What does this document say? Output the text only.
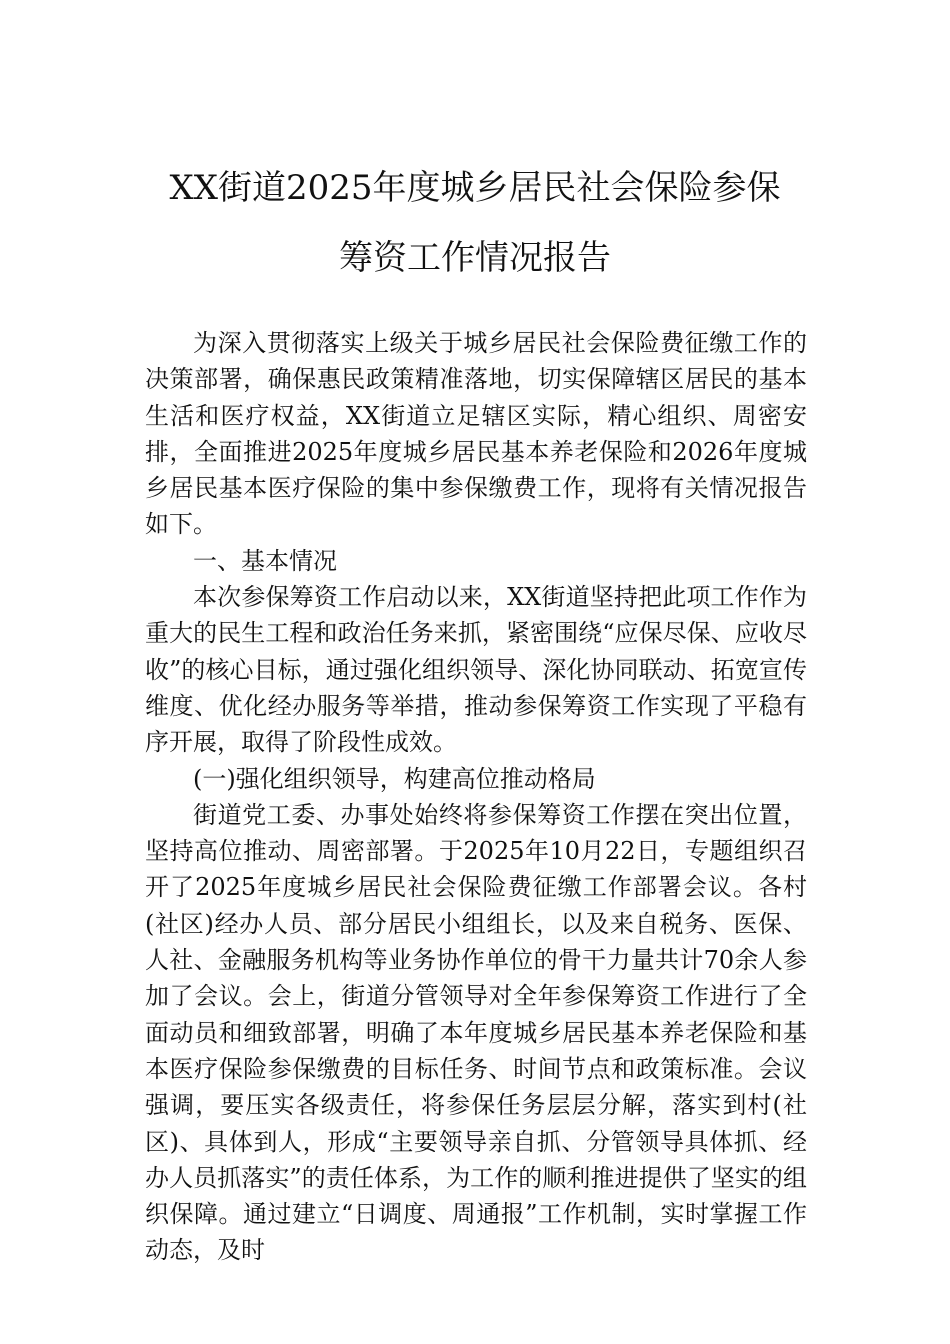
XX街道2025年度城乡居民社会保险参保
筹资工作情况报告

为深入贯彻落实上级关于城乡居民社会保险费征缴工作的决策部署，确保惠民政策精准落地，切实保障辖区居民的基本生活和医疗权益，XX街道立足辖区实际，精心组织、周密安排，全面推进2025年度城乡居民基本养老保险和2026年度城乡居民基本医疗保险的集中参保缴费工作，现将有关情况报告如下。

一、基本情况

本次参保筹资工作启动以来，XX街道坚持把此项工作作为重大的民生工程和政治任务来抓，紧密围绕“应保尽保、应收尽收”的核心目标，通过强化组织领导、深化协同联动、拓宽宣传维度、优化经办服务等举措，推动参保筹资工作实现了平稳有序开展，取得了阶段性成效。

(一)强化组织领导，构建高位推动格局

街道党工委、办事处始终将参保筹资工作摆在突出位置，坚持高位推动、周密部署。于2025年10月22日，专题组织召开了2025年度城乡居民社会保险费征缴工作部署会议。各村(社区)经办人员、部分居民小组组长，以及来自税务、医保、人社、金融服务机构等业务协作单位的骨干力量共计70余人参加了会议。会上，街道分管领导对全年参保筹资工作进行了全面动员和细致部署，明确了本年度城乡居民基本养老保险和基本医疗保险参保缴费的目标任务、时间节点和政策标准。会议强调，要压实各级责任，将参保任务层层分解，落实到村(社区)、具体到人，形成“主要领导亲自抓、分管领导具体抓、经办人员抓落实”的责任体系，为工作的顺利推进提供了坚实的组织保障。通过建立“日调度、周通报”工作机制，实时掌握工作动态，及时
